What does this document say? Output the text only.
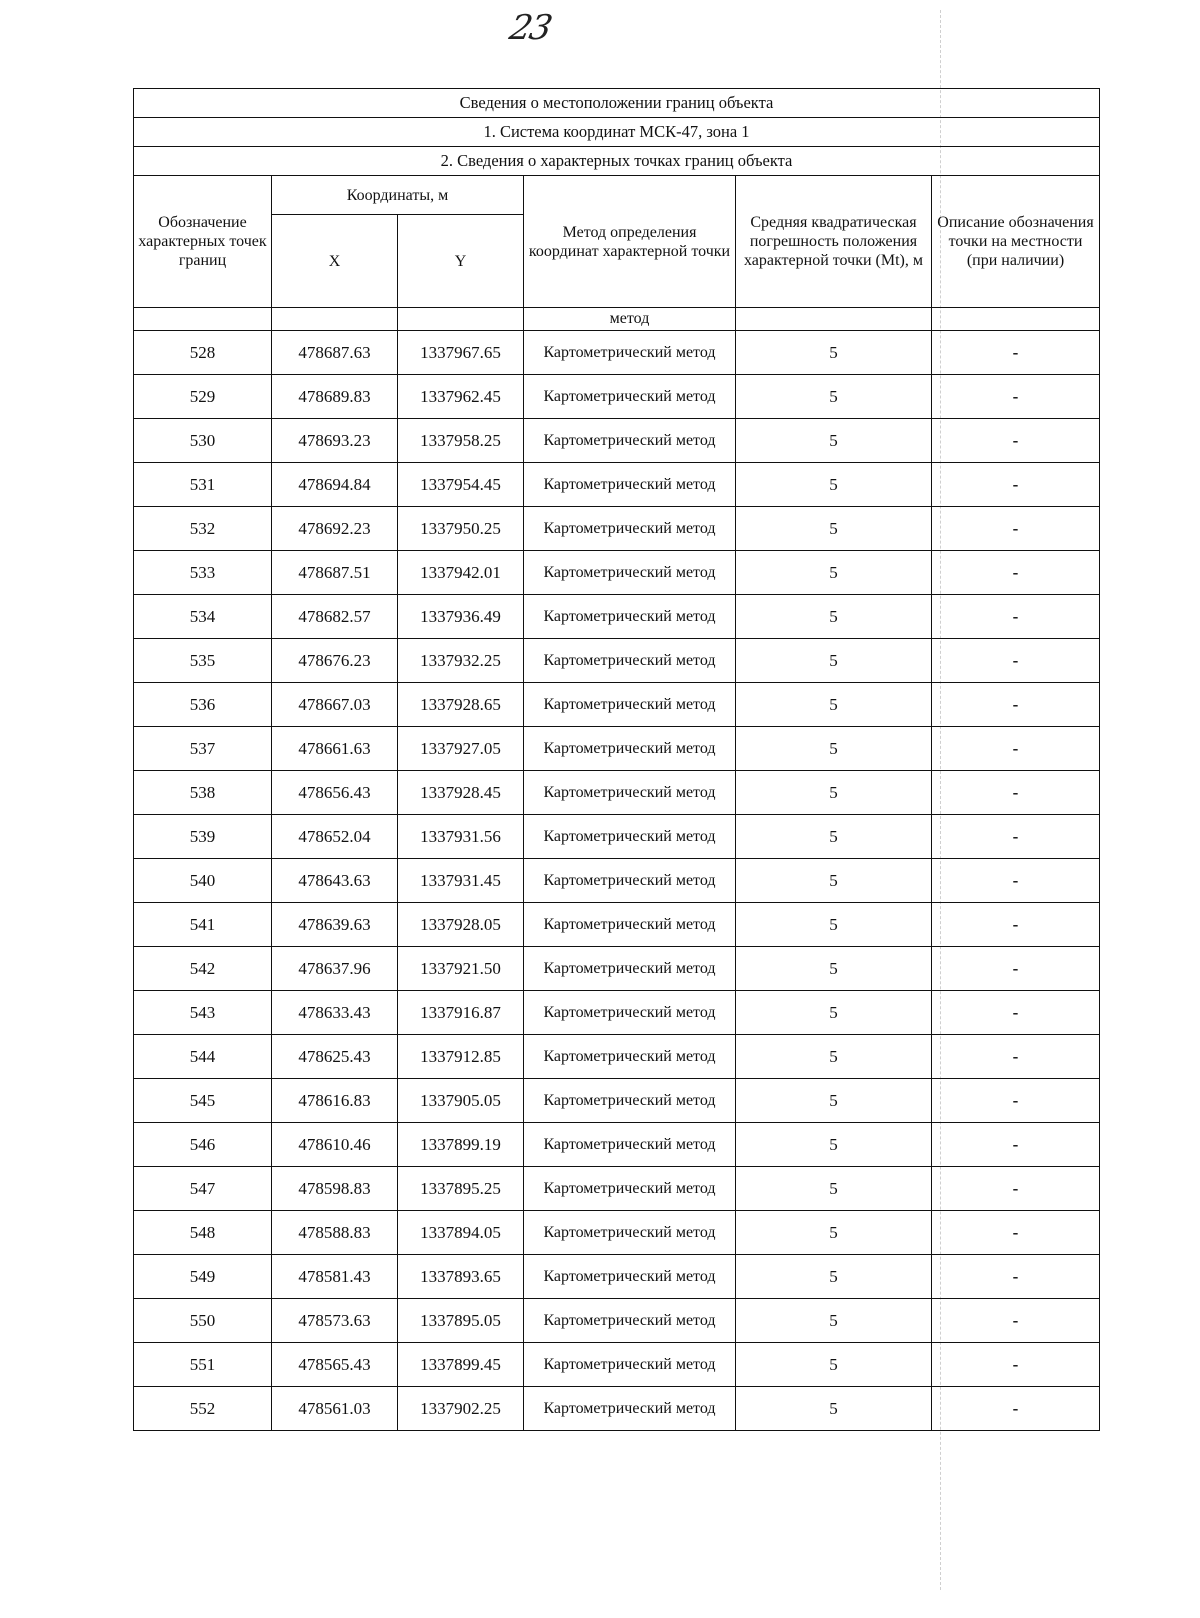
23
Сведения о местоположении границ объекта					
1. Система координат МСК-47, зона 1					
2. Сведения о характерных точках границ объекта					
Обозначение характерных точек границ	Координаты, м		Метод определения координат характерной точки	Средняя квадратическая погрешность положения характерной точки (Mt), м	Описание обозначения точки на местности (при наличии)
	X	Y			
			метод		
528	478687.63	1337967.65	Картометрический метод	5	-
529	478689.83	1337962.45	Картометрический метод	5	-
530	478693.23	1337958.25	Картометрический метод	5	-
531	478694.84	1337954.45	Картометрический метод	5	-
532	478692.23	1337950.25	Картометрический метод	5	-
533	478687.51	1337942.01	Картометрический метод	5	-
534	478682.57	1337936.49	Картометрический метод	5	-
535	478676.23	1337932.25	Картометрический метод	5	-
536	478667.03	1337928.65	Картометрический метод	5	-
537	478661.63	1337927.05	Картометрический метод	5	-
538	478656.43	1337928.45	Картометрический метод	5	-
539	478652.04	1337931.56	Картометрический метод	5	-
540	478643.63	1337931.45	Картометрический метод	5	-
541	478639.63	1337928.05	Картометрический метод	5	-
542	478637.96	1337921.50	Картометрический метод	5	-
543	478633.43	1337916.87	Картометрический метод	5	-
544	478625.43	1337912.85	Картометрический метод	5	-
545	478616.83	1337905.05	Картометрический метод	5	-
546	478610.46	1337899.19	Картометрический метод	5	-
547	478598.83	1337895.25	Картометрический метод	5	-
548	478588.83	1337894.05	Картометрический метод	5	-
549	478581.43	1337893.65	Картометрический метод	5	-
550	478573.63	1337895.05	Картометрический метод	5	-
551	478565.43	1337899.45	Картометрический метод	5	-
552	478561.03	1337902.25	Картометрический метод	5	-
